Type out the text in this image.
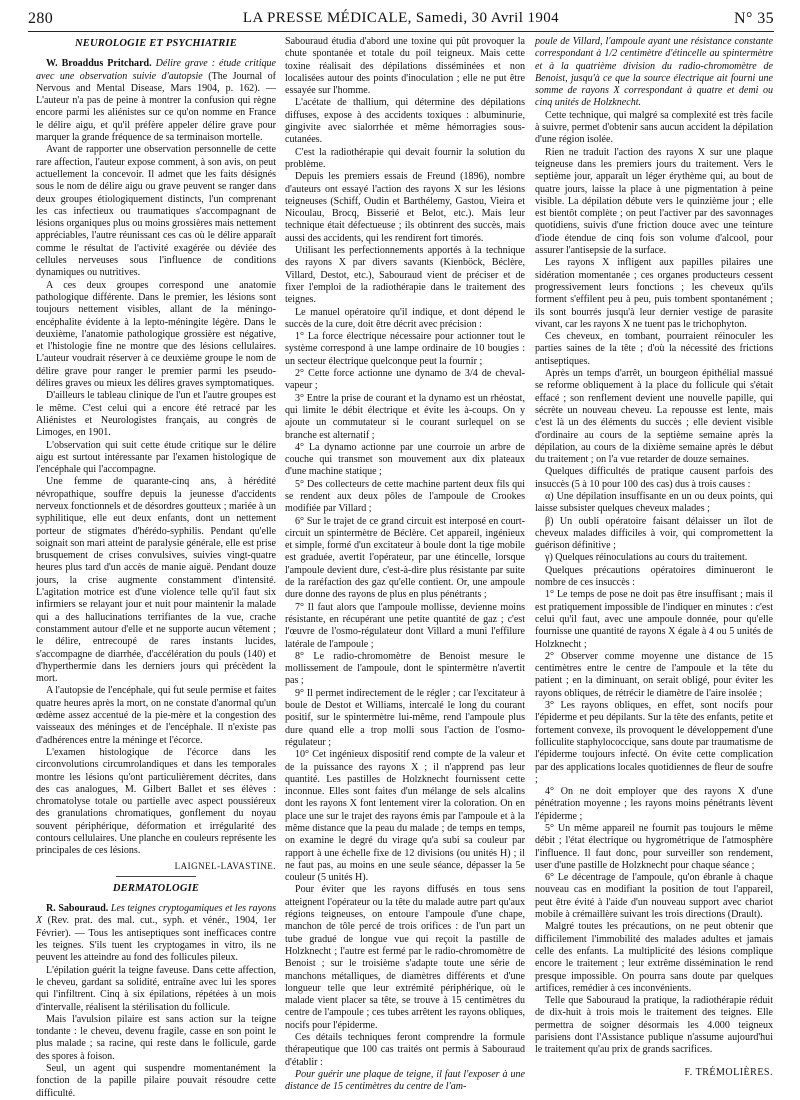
280	LA PRESSE MÉDICALE, Samedi, 30 Avril 1904	N° 35
NEUROLOGIE ET PSYCHIATRIE

W. Broaddus Pritchard. Délire grave : étude critique avec une observation suivie d'autopsie (The Journal of Nervous and Mental Disease, Mars 1904, p. 162). — L'auteur n'a pas de peine à montrer la confusion qui règne encore parmi les aliénistes sur ce qu'on nomme en France le délire aigu, et qu'il préfère appeler délire grave pour marquer la grande fréquence de sa terminaison mortelle.

Avant de rapporter une observation personnelle de cette rare affection, l'auteur expose comment, à son avis, on peut actuellement la concevoir. Il admet que les faits désignés sous le nom de délire aigu ou grave peuvent se ranger dans deux groupes étiologiquement distincts, l'un comprenant les cas infectieux ou traumatiques s'accompagnant de lésions organiques plus ou moins grossières mais nettement appréciables, l'autre réunissant ces cas où le délire apparaît comme le résultat de l'activité exagérée ou déviée des cellules nerveuses sous l'influence de conditions dynamiques ou nutritives.

A ces deux groupes correspond une anatomie pathologique différente. Dans le premier, les lésions sont toujours nettement visibles, allant de la méningo-encéphalite évidente à la lepto-méningite légère. Dans le deuxième, l'anatomie pathologique grossière est négative, et l'histologie fine ne montre que des lésions cellulaires. L'auteur voudrait réserver à ce deuxième groupe le nom de délire grave pour ranger le premier parmi les pseudo-délires graves ou mieux les délires graves symptomatiques.

D'ailleurs le tableau clinique de l'un et l'autre groupes est le même. C'est celui qui a encore été retracé par les Aliénistes et Neurologistes français, au congrès de Limoges, en 1901.

L'observation qui suit cette étude critique sur le délire aigu est surtout intéressante par l'examen histologique de l'encéphale qui l'accompagne.

Une femme de quarante-cinq ans, à hérédité névropathique, souffre depuis la jeunesse d'accidents nerveux fonctionnels et de désordres goutteux ; mariée à un syphilitique, elle eut deux enfants, dont un nettement porteur de stigmates d'hérédo-syphilis. Pendant qu'elle soignait son mari atteint de paralysie générale, elle est prise brusquement de crises convulsives, suivies vingt-quatre heures plus tard d'un accès de manie aiguë. Pendant douze jours, la crise augmente constamment d'intensité. L'agitation motrice est d'une violence telle qu'il faut six infirmiers se relayant jour et nuit pour maintenir la malade qui a des hallucinations terrifiantes de la vue, crache constamment autour d'elle et ne supporte aucun vêtement ; le délire, entrecoupé de rares instants lucides, s'accompagne de diarrhée, d'accélération du pouls (140) et d'hyperthermie dans les derniers jours qui précèdent la mort.

A l'autopsie de l'encéphale, qui fut seule permise et faites quatre heures après la mort, on ne constate d'anormal qu'un œdème assez accentué de la pie-mère et la congestion des vaisseaux des méninges et de l'encéphale. Il n'existe pas d'adhérences entre la méninge et l'écorce.

L'examen histologique de l'écorce dans les circonvolutions circumrolandiques et dans les temporales montre les lésions qu'ont particulièrement décrites, dans des cas analogues, M. Gilbert Ballet et ses élèves : chromatolyse totale ou partielle avec aspect poussiéreux des granulations chromatiques, gonflement du noyau souvent périphérique, déformation et irrégularité des contours cellulaires. Une planche en couleurs représente les principales de ces lésions.

LAIGNEL-LAVASTINE.
DERMATOLOGIE

R. Sabouraud. Les teignes cryptogamiques et les rayons X (Rev. prat. des mal. cut., syph. et vénér., 1904, 1er Février). — Tous les antiseptiques sont inefficaces contre les teignes. S'ils tuent les cryptogames in vitro, ils ne peuvent les atteindre au fond des follicules pileux.

L'épilation guérit la teigne faveuse. Dans cette affection, le cheveu, gardant sa solidité, entraîne avec lui les spores qui l'infiltrent. Cinq à six épilations, répétées à un mois d'intervalle, réalisent la stérilisation du follicule.

Mais l'avulsion pilaire est sans action sur la teigne tondante : le cheveu, devenu fragile, casse en son point le plus malade ; sa racine, qui reste dans le follicule, garde des spores à foison.

Seul, un agent qui suspendre momentanément la fonction de la papille pilaire pouvait résoudre cette difficulté.

Sabouraud étudia d'abord une toxine qui pût provoquer la chute spontanée et totale du poil teigneux. Mais cette toxine réalisait des dépilations disséminées et non localisées autour des points d'inoculation ; elle ne put être essayée sur l'homme.

L'acétate de thallium, qui détermine des dépilations diffuses, expose à des accidents toxiques : albuminurie, gingivite avec sialorrhée et même hémorragies sous-cutanées.

C'est la radiothérapie qui devait fournir la solution du problème.

Depuis les premiers essais de Freund (1896), nombre d'auteurs ont essayé l'action des rayons X sur les lésions teigneuses (Schiff, Oudin et Barthélemy, Gastou, Vieira et Nicoulau, Brocq, Bisserié et Belot, etc.). Mais leur technique était défectueuse ; ils obtinrent des succès, mais aussi des accidents, qui les rendirent fort timorés.

Utilisant les perfectionnements apportés à la technique des rayons X par divers savants (Kienböck, Béclère, Villard, Destot, etc.), Sabouraud vient de préciser et de fixer l'emploi de la radiothérapie dans le traitement des teignes.

Le manuel opératoire qu'il indique, et dont dépend le succès de la cure, doit être décrit avec précision :

1° La force électrique nécessaire pour actionner tout le système correspond à une lampe ordinaire de 10 bougies : un secteur électrique quelconque peut la fournir ;

2° Cette force actionne une dynamo de 3/4 de cheval-vapeur ;

3° Entre la prise de courant et la dynamo est un rhéostat, qui limite le débit électrique et évite les à-coups. On y ajoute un commutateur si le courant surlequel on se branche est alternatif ;

4° La dynamo actionne par une courroie un arbre de couche qui transmet son mouvement aux dix plateaux d'une machine statique ;

5° Des collecteurs de cette machine partent deux fils qui se rendent aux deux pôles de l'ampoule de Crookes modifiée par Villard ;

6° Sur le trajet de ce grand circuit est interposé en court-circuit un spintermètre de Béclère. Cet appareil, ingénieux et simple, formé d'un excitateur à boule dont la tige mobile est graduée, avertit l'opérateur, par une étincelle, lorsque l'ampoule devient dure, c'est-à-dire plus résistante par suite de la raréfaction des gaz qu'elle contient. Or, une ampoule dure donne des rayons de plus en plus pénétrants ;

7° Il faut alors que l'ampoule mollisse, devienne moins résistante, en récupérant une petite quantité de gaz ; c'est l'œuvre de l'osmo-régulateur dont Villard a muni l'effilure latérale de l'ampoule ;

8° Le radio-chromomètre de Benoist mesure le mollissement de l'ampoule, dont le spintermètre n'avertit pas ;

9° Il permet indirectement de le régler ; car l'excitateur à boule de Destot et Williams, intercalé le long du courant positif, sur le spintermètre lui-même, rend l'ampoule plus dure quand elle a trop molli sous l'action de l'osmo-régulateur ;

10° Cet ingénieux dispositif rend compte de la valeur et de la puissance des rayons X ; il n'apprend pas leur quantité. Les pastilles de Holzknecht fournissent cette inconnue. Elles sont faites d'un mélange de sels alcalins dont les rayons X font lentement virer la coloration. On en place une sur le trajet des rayons émis par l'ampoule et à la même distance que la peau du malade ; de temps en temps, on examine le degré du virage qu'a subi sa couleur par rapport à une échelle fixe de 12 divisions (ou unités H) ; il ne faut pas, au moins en une seule séance, dépasser la 5e couleur (5 unités H).

Pour éviter que les rayons diffusés en tous sens atteignent l'opérateur ou la tête du malade autre part qu'aux régions teigneuses, on entoure l'ampoule d'une chape, manchon de tôle percé de trois orifices : de l'un part un tube gradué de longue vue qui reçoit la pastille de Holzknecht ; l'autre est fermé par le radio-chromomètre de Benoist ; sur le troisième s'adapte toute une série de manchons métalliques, de diamètres différents et d'une longueur telle que leur extrémité périphérique, où le malade vient placer sa tête, se trouve à 15 centimètres du centre de l'ampoule ; ces tubes arrêtent les rayons obliques, nocifs pour l'épiderme.

Ces détails techniques feront comprendre la formule thérapeutique que 100 cas traités ont permis à Sabouraud d'établir :

Pour guérir une plaque de teigne, il faut l'exposer à une distance de 15 centimètres du centre de l'am-

poule de Villard, l'ampoule ayant une résistance constante correspondant à 1/2 centimètre d'étincelle au spintermètre et à la quatrième division du radio-chromomètre de Benoist, jusqu'à ce que la source électrique ait fourni une somme de rayons X correspondant à quatre et demi ou cinq unités de Holzknecht.

Cette technique, qui malgré sa complexité est très facile à suivre, permet d'obtenir sans aucun accident la dépilation d'une région isolée.

Rien ne traduit l'action des rayons X sur une plaque teigneuse dans les premiers jours du traitement. Vers le septième jour, apparaît un léger érythème qui, au bout de quatre jours, laisse la place à une pigmentation à peine visible. La dépilation débute vers le quinzième jour ; elle est bientôt complète ; on peut l'activer par des savonnages quotidiens, suivis d'une friction douce avec une teinture d'iode étendue de cinq fois son volume d'alcool, pour assurer l'antisepsie de la surface.

Les rayons X infligent aux papilles pilaires une sidération momentanée ; ces organes producteurs cessent progressivement leurs fonctions ; les cheveux qu'ils forment s'effilent peu à peu, puis tombent spontanément ; ils sont bourrés jusqu'à leur dernier vestige de parasite vivant, car les rayons X ne tuent pas le trichophyton.

Ces cheveux, en tombant, pourraient réinoculer les parties saines de la tête ; d'où la nécessité des frictions antiseptiques.

Après un temps d'arrêt, un bourgeon épithélial massué se reforme obliquement à la place du follicule qui s'était effacé ; son renflement devient une nouvelle papille, qui sécrète un nouveau cheveu. La repousse est lente, mais c'est là un des éléments du succès ; elle devient visible d'ordinaire au cours de la septième semaine après la dépilation, au cours de la dixième semaine après le début du traitement ; on l'a vue retarder de douze semaines.

Quelques difficultés de pratique causent parfois des insuccès (5 à 10 pour 100 des cas) dus à trois causes :

α) Une dépilation insuffisante en un ou deux points, qui laisse subsister quelques cheveux malades ;

β) Un oubli opératoire faisant délaisser un îlot de cheveux malades difficiles à voir, qui compromettent la guérison définitive ;

γ) Quelques réinoculations au cours du traitement.

Quelques précautions opératoires diminueront le nombre de ces insuccès :

1° Le temps de pose ne doit pas être insuffisant ; mais il est pratiquement impossible de l'indiquer en minutes : c'est celui qu'il faut, avec une ampoule donnée, pour qu'elle fournisse une quantité de rayons X égale à 4 ou 5 unités de Holzknecht ;

2° Observer comme moyenne une distance de 15 centimètres entre le centre de l'ampoule et la tête du patient ; en la diminuant, on serait obligé, pour éviter les rayons obliques, de rétrécir le diamètre de l'aire insolée ;

3° Les rayons obliques, en effet, sont nocifs pour l'épiderme et peu dépilants. Sur la tête des enfants, petite et fortement convexe, ils provoquent le développement d'une folliculite staphylococcique, sans doute par traumatisme de l'épiderme toujours infecté. On évite cette complication par des applications locales quotidiennes de fleur de soufre ;

4° On ne doit employer que des rayons X d'une pénétration moyenne ; les rayons moins pénétrants lèvent l'épiderme ;

5° Un même appareil ne fournit pas toujours le même débit ; l'état électrique ou hygrométrique de l'atmosphère l'influence. Il faut donc, pour surveiller son rendement, user d'une pastille de Holzknecht pour chaque séance ;

6° Le décentrage de l'ampoule, qu'on ébranle à chaque nouveau cas en modifiant la position de tout l'appareil, peut être évité à l'aide d'un nouveau support avec chariot mobile à crémaillère suivant les trois directions (Drault).

Malgré toutes les précautions, on ne peut obtenir que difficilement l'immobilité des malades adultes et jamais celle des enfants. La multiplicité des lésions complique encore le traitement ; leur extrême dissémination le rend presque impossible. On pourra sans doute par quelques artifices, remédier à ces inconvénients.

Telle que Sabouraud la pratique, la radiothérapie réduit de dix-huit à trois mois le traitement des teignes. Elle permettra de soigner désormais les 4.000 teigneux parisiens dont l'Assistance publique n'assume aujourd'hui le traitement qu'au prix de grands sacrifices.

F. TRÉMOLIÈRES.
